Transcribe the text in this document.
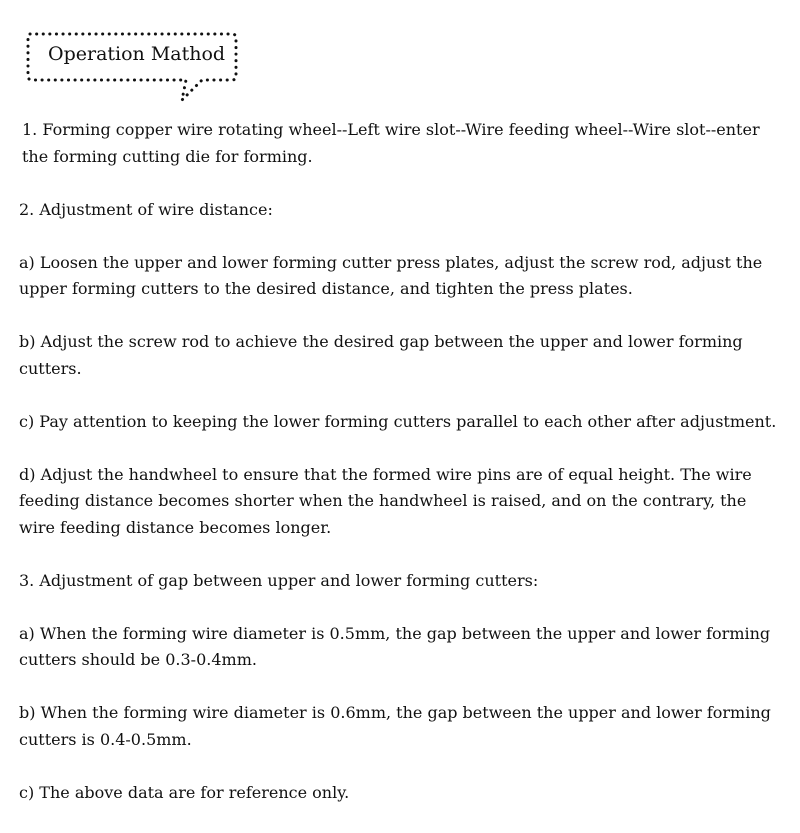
Operation Mathod

1. Forming copper wire rotating wheel--Left wire slot--Wire feeding wheel--Wire slot--enter the forming cutting die for forming.

2. Adjustment of wire distance:

a) Loosen the upper and lower forming cutter press plates, adjust the screw rod, adjust the upper forming cutters to the desired distance, and tighten the press plates.

b) Adjust the screw rod to achieve the desired gap between the upper and lower forming cutters.

c) Pay attention to keeping the lower forming cutters parallel to each other after adjustment.

d) Adjust the handwheel to ensure that the formed wire pins are of equal height. The wire feeding distance becomes shorter when the handwheel is raised, and on the contrary, the wire feeding distance becomes longer.

3. Adjustment of gap between upper and lower forming cutters:

a) When the forming wire diameter is 0.5mm, the gap between the upper and lower forming cutters should be 0.3-0.4mm.

b) When the forming wire diameter is 0.6mm, the gap between the upper and lower forming cutters is 0.4-0.5mm.

c) The above data are for reference only.
